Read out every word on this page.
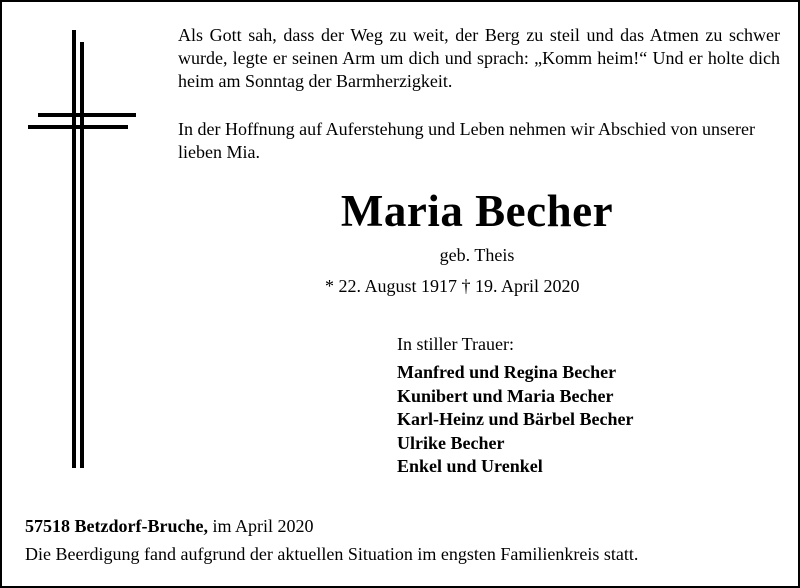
Als Gott sah, dass der Weg zu weit, der Berg zu steil und das Atmen zu schwer wurde, legte er seinen Arm um dich und sprach: „Komm heim!“ Und er holte dich heim am Sonntag der Barmherzigkeit.

In der Hoffnung auf Auferstehung und Leben nehmen wir Abschied von unserer lieben Mia.

Maria Becher
geb. Theis
* 22. August 1917 † 19. April 2020
In stiller Trauer:
Manfred und Regina Becher
Kunibert und Maria Becher
Karl-Heinz und Bärbel Becher
Ulrike Becher
Enkel und Urenkel
57518 Betzdorf-Bruche, im April 2020
Die Beerdigung fand aufgrund der aktuellen Situation im engsten Familienkreis statt.
